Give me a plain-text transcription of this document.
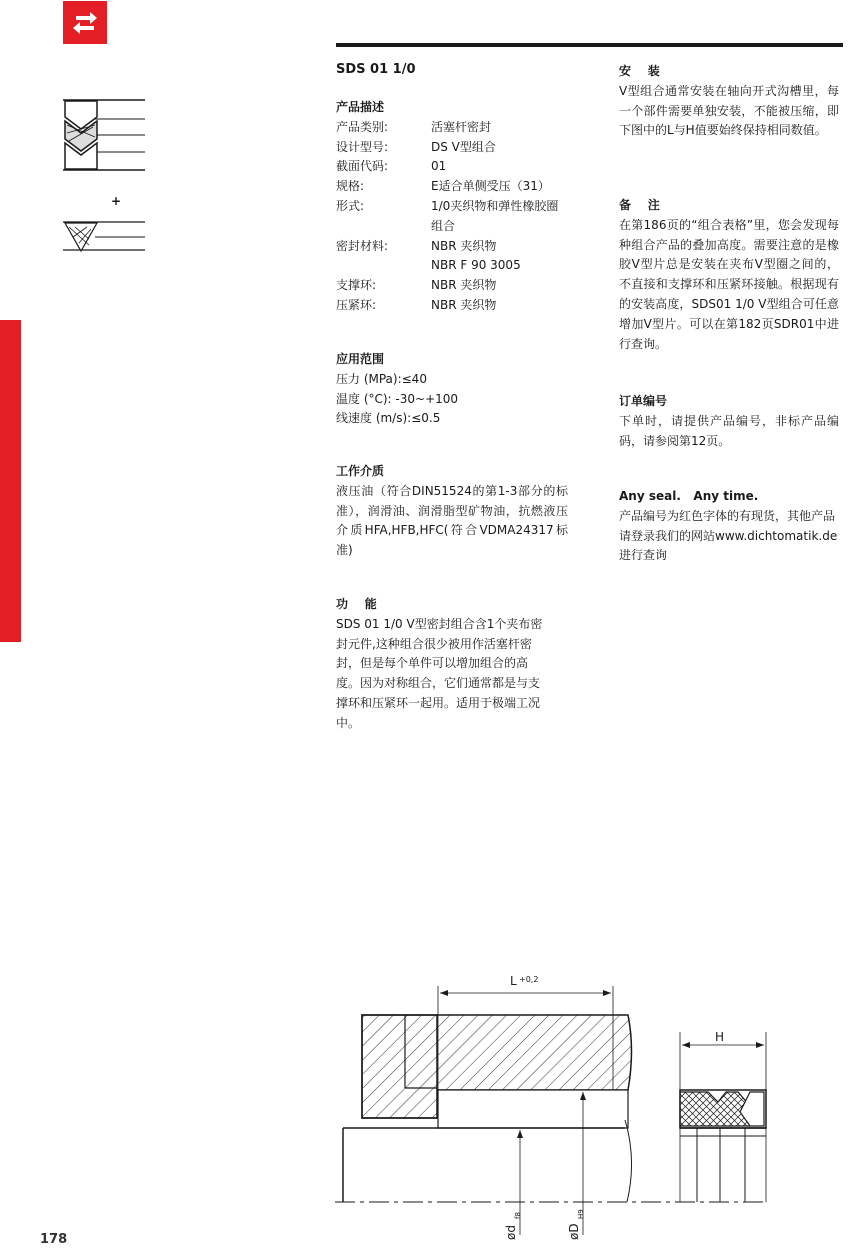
+
SDS 01 1/0
产品描述
产品类别:	活塞杆密封
设计型号:	DS V型组合
截面代码:	01
规格:	E适合单侧受压（31）
形式:	1/0夹织物和弹性橡胶圈组合
密封材料:	NBR 夹织物
NBR F 90 3005
支撑环:	NBR 夹织物
压紧环:	NBR 夹织物
应用范围
压力 (MPa):≤40
温度 (°C): -30~+100
线速度 (m/s):≤0.5
工作介质
液压油（符合DIN51524的第1-3部分的标准），润滑油、润滑脂型矿物油，抗燃液压介质HFA,HFB,HFC(符合VDMA24317标准)
功    能
SDS 01 1/0 V型密封组合含1个夹布密封元件,这种组合很少被用作活塞杆密封，但是每个单件可以增加组合的高度。因为对称组合，它们通常都是与支撑环和压紧环一起用。适用于极端工况中。
安    装
V型组合通常安装在轴向开式沟槽里，每一个部件需要单独安装，不能被压缩，即下图中的L与H值要始终保持相同数值。
备    注
在第186页的“组合表格”里，您会发现每种组合产品的叠加高度。需要注意的是橡胶V型片总是安装在夹布V型圈之间的，不直接和支撑环和压紧环接触。根据现有的安装高度，SDS01 1/0 V型组合可任意增加V型片。可以在第182页SDR01中进行查询。
订单编号
下单时，请提供产品编号，非标产品编码，请参阅第12页。
Any seal.   Any time.
产品编号为红色字体的有现货，其他产品请登录我们的网站www.dichtomatik.de进行查询
L +0,2
ød
f8
øD
H9
H
178
